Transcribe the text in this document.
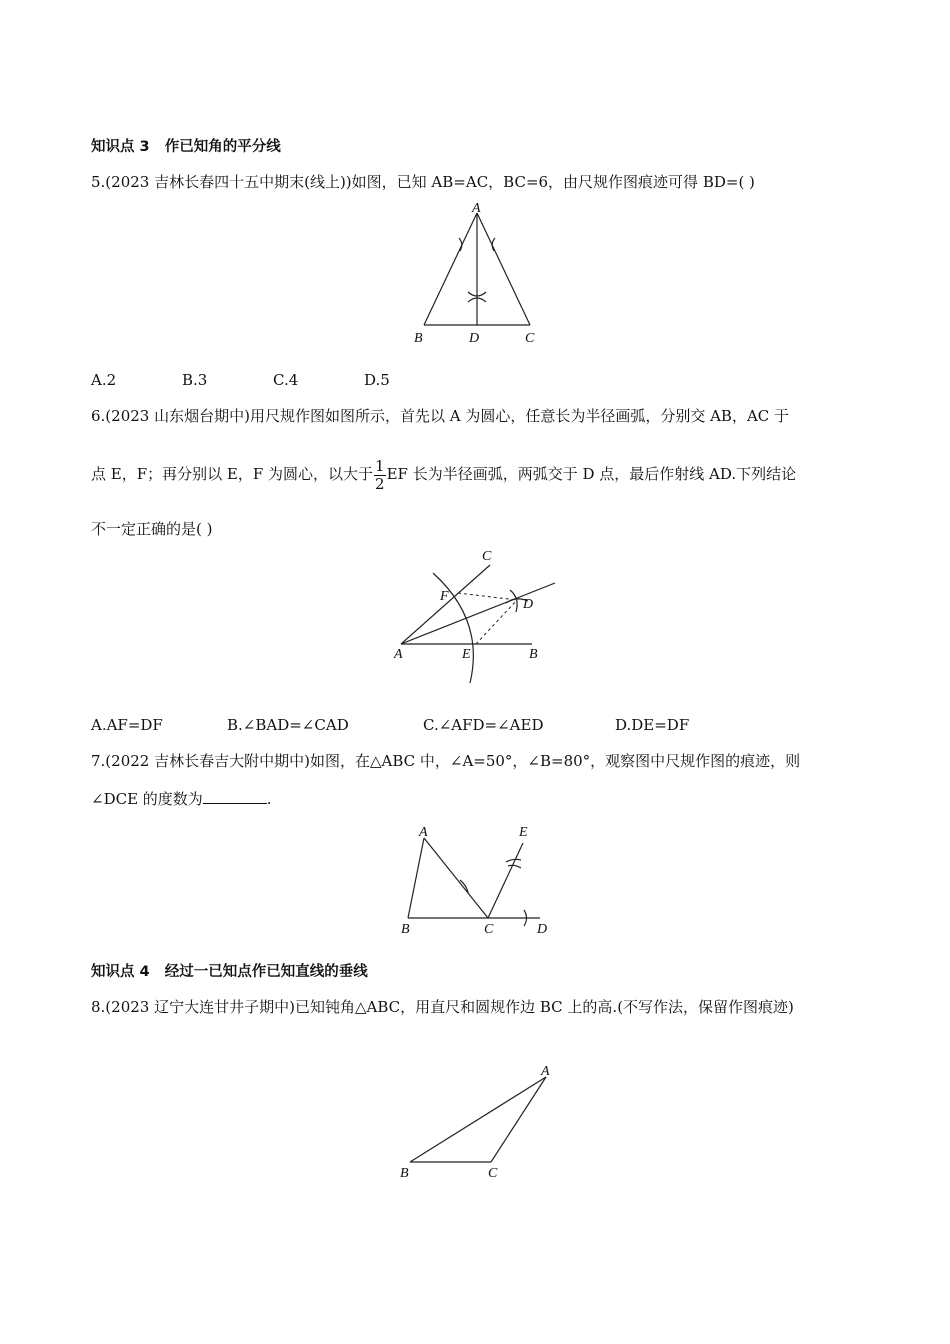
知识点 3 作已知角的平分线
5.(2023 吉林长春四十五中期末(线上))如图，已知 AB=AC，BC=6，由尺规作图痕迹可得 BD=( )
A
B	D	C
A.2	B.3	C.4	D.5
6.(2023 山东烟台期中)用尺规作图如图所示，首先以 A 为圆心，任意长为半径画弧，分别交 AB，AC 于
点 E，F；再分别以 E，F 为圆心，以大于 $\frac{1}{2}$ EF 长为半径画弧，两弧交于 D 点，最后作射线 AD.下列结论
不一定正确的是( )
C
F
D
A	E	B
A.AF=DF	B.∠BAD=∠CAD	C.∠AFD=∠AED	D.DE=DF
7.(2022 吉林长春吉大附中期中)如图，在△ABC 中，∠A=50°，∠B=80°，观察图中尺规作图的痕迹，则
∠DCE 的度数为	.
A	E
B	C	D
知识点 4 经过一已知点作已知直线的垂线
8.(2023 辽宁大连甘井子期中)已知钝角△ABC，用直尺和圆规作边 BC 上的高.(不写作法，保留作图痕迹)
A
B	C
